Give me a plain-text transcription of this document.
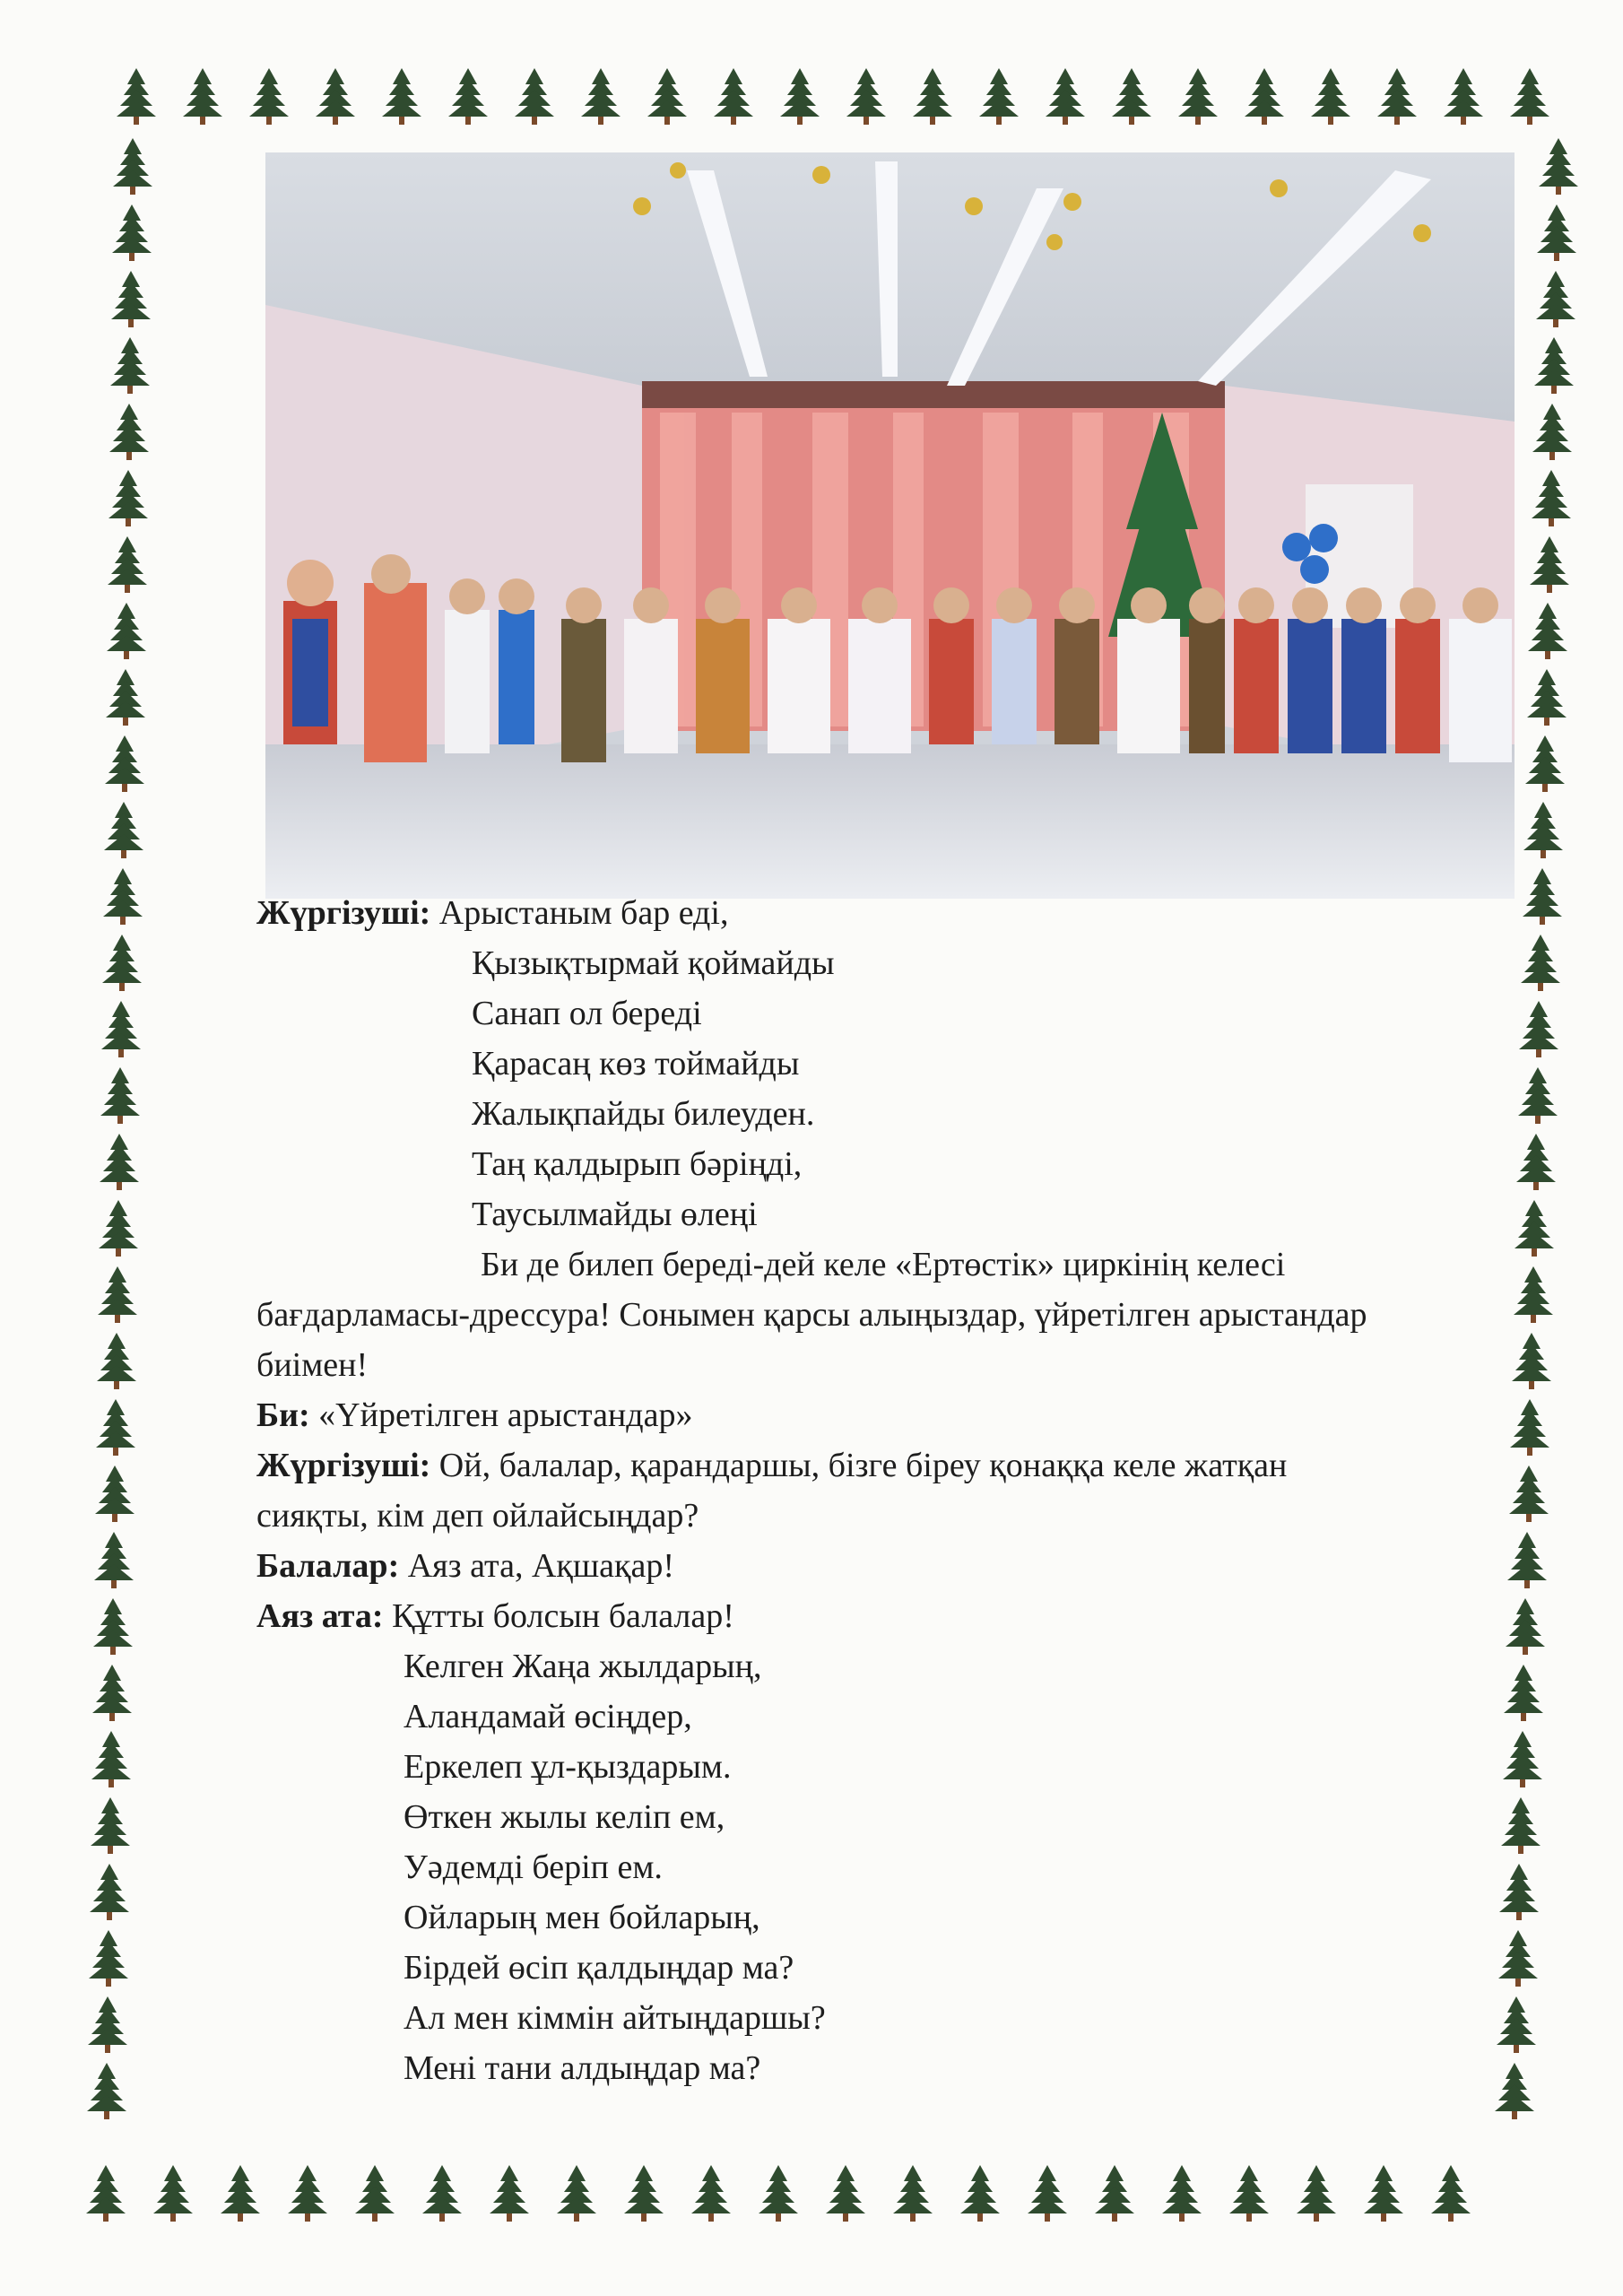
Жүргізуші: Арыстаным бар еді,
Қызықтырмай қоймайды
Санап ол береді
Қарасаң көз тоймайды
Жалықпайды билеуден.
Таң қалдырып бәріңді,
Таусылмайды өлеңі
Би де билеп береді-дей келе «Ертөстік» циркінің келесі
бағдарламасы-дрессура! Сонымен қарсы алыңыздар, үйретілген арыстандар
биімен!
Би: «Үйретілген арыстандар»
Жүргізуші: Ой, балалар, қарандаршы, бізге біреу қонаққа келе жатқан
сияқты, кім деп ойлайсыңдар?
Балалар: Аяз ата, Ақшақар!
Аяз ата: Құтты болсын балалар!
Келген Жаңа жылдарың,
Аландамай өсіңдер,
Еркелеп ұл-қыздарым.
Өткен жылы келіп ем,
Уәдемді беріп ем.
Ойларың мен бойларың,
Бірдей өсіп қалдыңдар ма?
Ал мен кіммін айтыңдаршы?
Мені тани алдыңдар ма?
